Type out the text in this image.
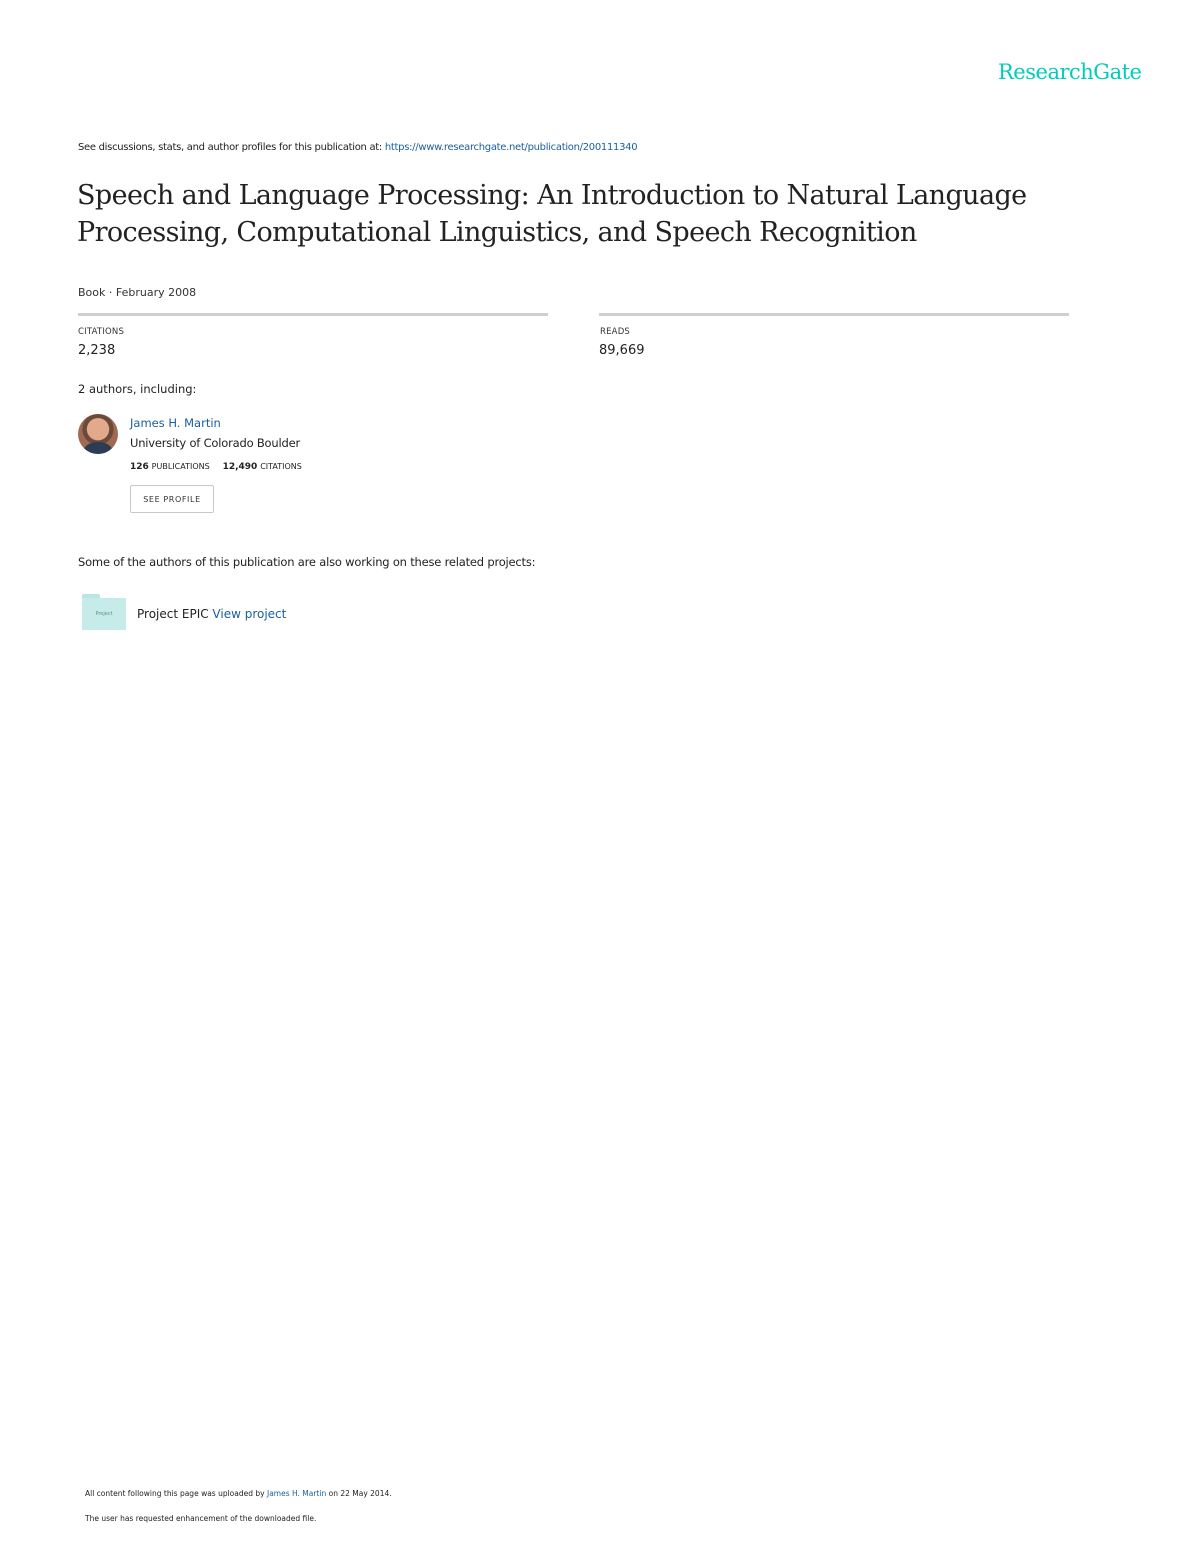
ResearchGate
See discussions, stats, and author profiles for this publication at: https://www.researchgate.net/publication/200111340
Speech and Language Processing: An Introduction to Natural Language Processing, Computational Linguistics, and Speech Recognition
Book · February 2008
CITATIONS
2,238
READS
89,669
2 authors, including:
James H. Martin
University of Colorado Boulder
126 PUBLICATIONS 12,490 CITATIONS
SEE PROFILE
Some of the authors of this publication are also working on these related projects:
Project Project EPIC View project
All content following this page was uploaded by James H. Martin on 22 May 2014.
The user has requested enhancement of the downloaded file.
